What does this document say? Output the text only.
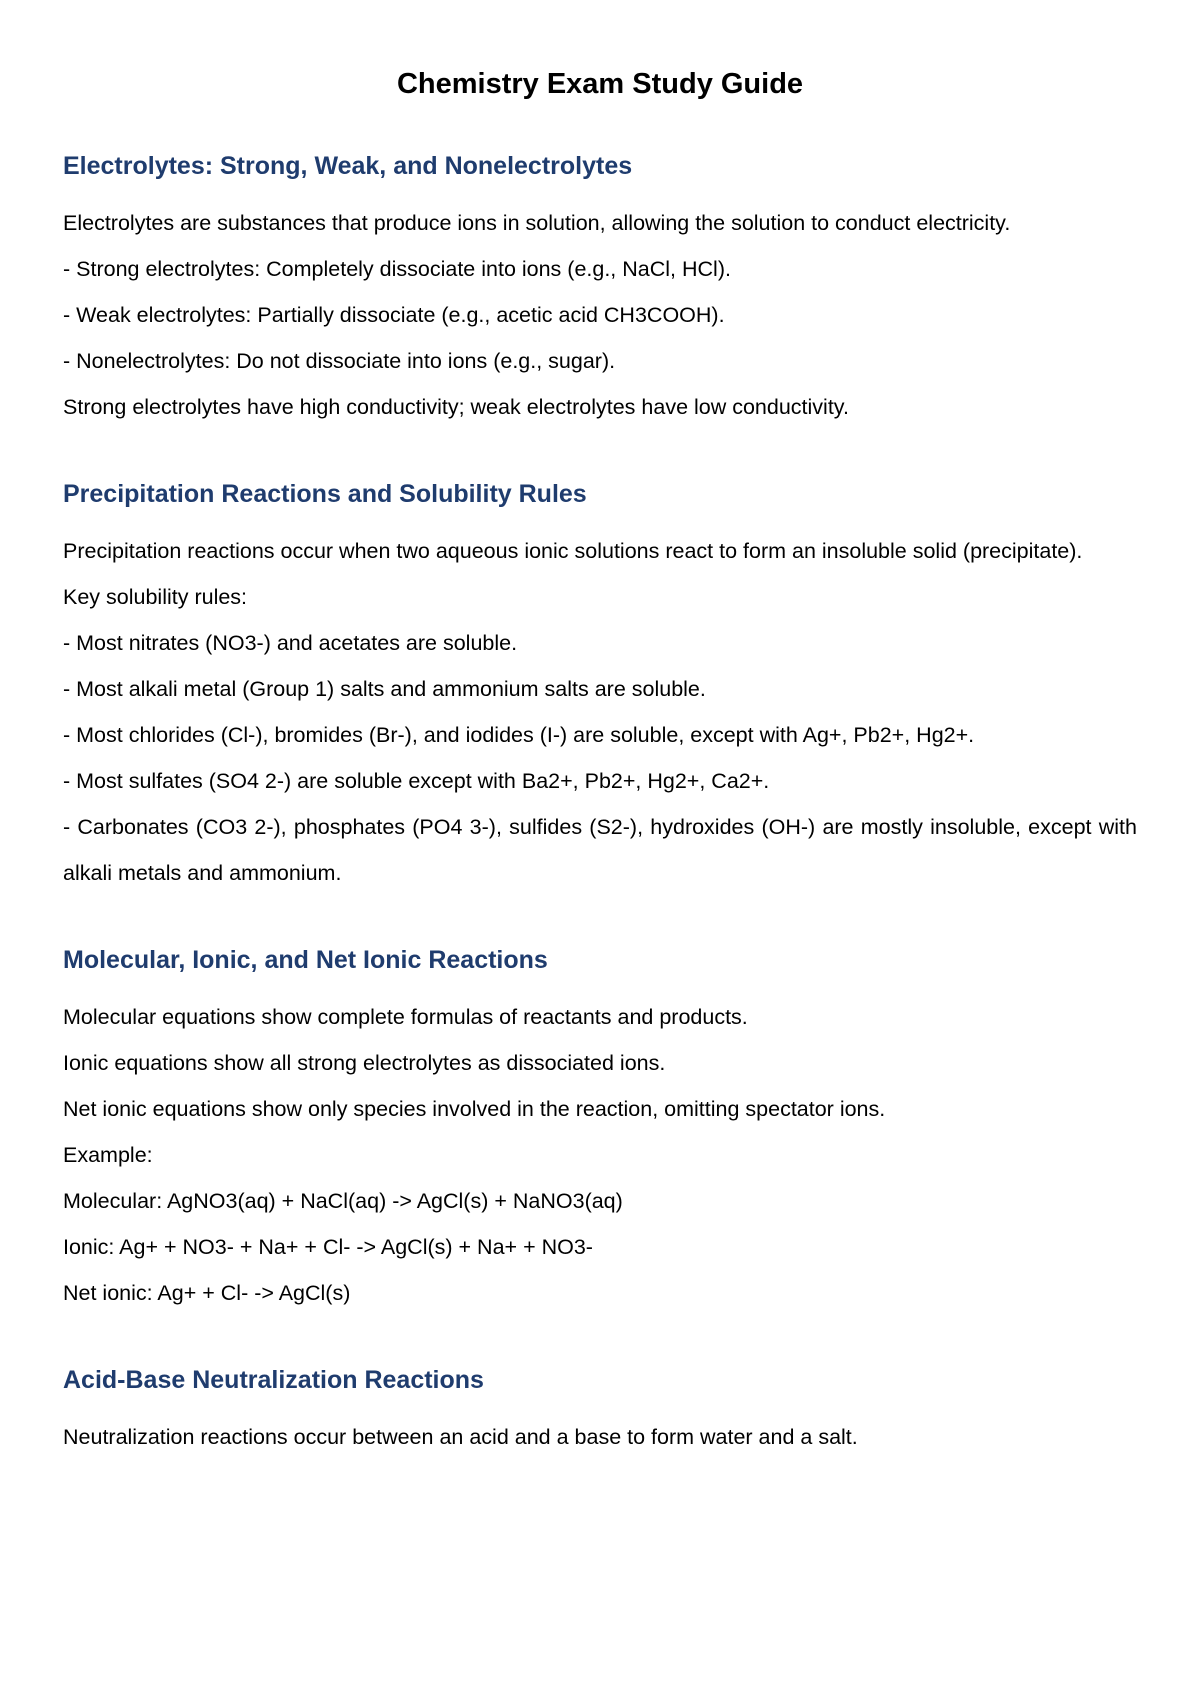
Chemistry Exam Study Guide
Electrolytes: Strong, Weak, and Nonelectrolytes
Electrolytes are substances that produce ions in solution, allowing the solution to conduct electricity.
- Strong electrolytes: Completely dissociate into ions (e.g., NaCl, HCl).
- Weak electrolytes: Partially dissociate (e.g., acetic acid CH3COOH).
- Nonelectrolytes: Do not dissociate into ions (e.g., sugar).
Strong electrolytes have high conductivity; weak electrolytes have low conductivity.
Precipitation Reactions and Solubility Rules
Precipitation reactions occur when two aqueous ionic solutions react to form an insoluble solid (precipitate).
Key solubility rules:
- Most nitrates (NO3-) and acetates are soluble.
- Most alkali metal (Group 1) salts and ammonium salts are soluble.
- Most chlorides (Cl-), bromides (Br-), and iodides (I-) are soluble, except with Ag+, Pb2+, Hg2+.
- Most sulfates (SO4 2-) are soluble except with Ba2+, Pb2+, Hg2+, Ca2+.
- Carbonates (CO3 2-), phosphates (PO4 3-), sulfides (S2-), hydroxides (OH-) are mostly insoluble, except with alkali metals and ammonium.
Molecular, Ionic, and Net Ionic Reactions
Molecular equations show complete formulas of reactants and products.
Ionic equations show all strong electrolytes as dissociated ions.
Net ionic equations show only species involved in the reaction, omitting spectator ions.
Example:
Molecular: AgNO3(aq) + NaCl(aq) -> AgCl(s) + NaNO3(aq)
Ionic: Ag+ + NO3- + Na+ + Cl- -> AgCl(s) + Na+ + NO3-
Net ionic: Ag+ + Cl- -> AgCl(s)
Acid-Base Neutralization Reactions
Neutralization reactions occur between an acid and a base to form water and a salt.
